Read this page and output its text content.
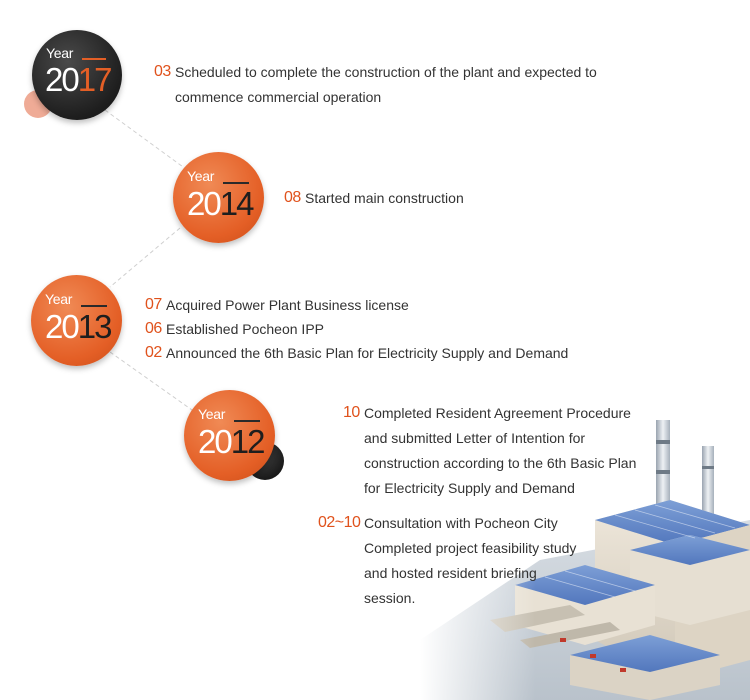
Year
2017	03 Scheduled to complete the construction of the plant and expected to commence commercial operation
Year
2014 08 Started main construction
Year
2013
07 Acquired Power Plant Business license
06 Established Pocheon IPP
02 Announced the 6th Basic Plan for Electricity Supply and Demand
Year
2012
10 Completed Resident Agreement Procedure and submitted Letter of Intention for construction according to the 6th Basic Plan for Electricity Supply and Demand
02~10 Consultation with Pocheon City Completed project feasibility study and hosted resident briefing session.
